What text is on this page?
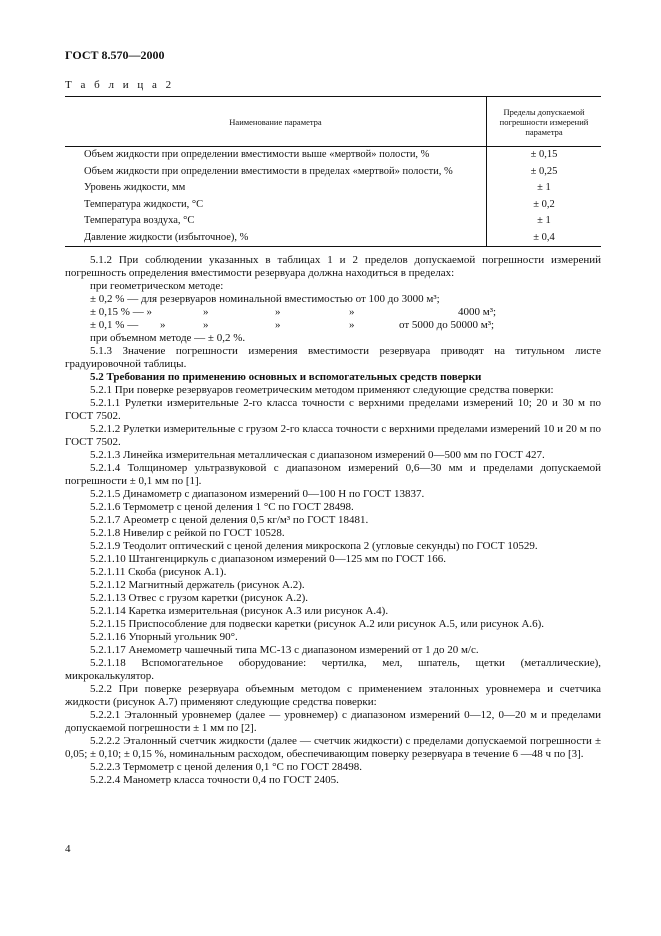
ГОСТ 8.570—2000
Т а б л и ц а 2
Наименование параметра	Пределы допускаемой погрешности измерений параметра
Объем жидкости при определении вместимости выше «мертвой» полости, %	± 0,15
Объем жидкости при определении вместимости в пределах «мертвой» полости, %	± 0,25
Уровень жидкости, мм	± 1
Температура жидкости, °С	± 0,2
Температура воздуха, °С	± 1
Давление жидкости (избыточное), %	± 0,4

5.1.2 При соблюдении указанных в таблицах 1 и 2 пределов допускаемой погрешности измерений погрешность определения вместимости резервуара должна находиться в пределах:

при геометрическом методе:

± 0,2 % — для резервуаров номинальной вместимостью от 100 до 3000 м³;

± 0,15 % — »	»	»	»	4000 м³;
± 0,1 % — »	»	»	»	от 5000 до 50000 м³;

при объемном методе — ± 0,2 %.

5.1.3 Значение погрешности измерения вместимости резервуара приводят на титульном листе градуировочной таблицы.

5.2 Требования по применению основных и вспомогательных средств поверки

5.2.1 При поверке резервуаров геометрическим методом применяют следующие средства поверки:

5.2.1.1 Рулетки измерительные 2-го класса точности с верхними пределами измерений 10; 20 и 30 м по ГОСТ 7502.

5.2.1.2 Рулетки измерительные с грузом 2-го класса точности с верхними пределами измерений 10 и 20 м по ГОСТ 7502.

5.2.1.3 Линейка измерительная металлическая с диапазоном измерений 0—500 мм по ГОСТ 427.

5.2.1.4 Толщиномер ультразвуковой с диапазоном измерений 0,6—30 мм и пределами допускаемой погрешности ± 0,1 мм по [1].

5.2.1.5 Динамометр с диапазоном измерений 0—100 Н по ГОСТ 13837.

5.2.1.6 Термометр с ценой деления 1 °С по ГОСТ 28498.

5.2.1.7 Ареометр с ценой деления 0,5 кг/м³ по ГОСТ 18481.

5.2.1.8 Нивелир с рейкой по ГОСТ 10528.

5.2.1.9 Теодолит оптический с ценой деления микроскопа 2 (угловые секунды) по ГОСТ 10529.

5.2.1.10 Штангенциркуль с диапазоном измерений 0—125 мм по ГОСТ 166.

5.2.1.11 Скоба (рисунок А.1).

5.2.1.12 Магнитный держатель (рисунок А.2).

5.2.1.13 Отвес с грузом каретки (рисунок А.2).

5.2.1.14 Каретка измерительная (рисунок А.3 или рисунок А.4).

5.2.1.15 Приспособление для подвески каретки (рисунок А.2 или рисунок А.5, или рисунок А.6).

5.2.1.16 Упорный угольник 90°.

5.2.1.17 Анемометр чашечный типа МС-13 с диапазоном измерений от 1 до 20 м/с.

5.2.1.18 Вспомогательное оборудование: чертилка, мел, шпатель, щетки (металлические), микрокалькулятор.

5.2.2 При поверке резервуара объемным методом с применением эталонных уровнемера и счетчика жидкости (рисунок А.7) применяют следующие средства поверки:

5.2.2.1 Эталонный уровнемер (далее — уровнемер) с диапазоном измерений 0—12, 0—20 м и пределами допускаемой погрешности ± 1 мм по [2].

5.2.2.2 Эталонный счетчик жидкости (далее — счетчик жидкости) с пределами допускаемой погрешности ± 0,05; ± 0,10; ± 0,15 %, номинальным расходом, обеспечивающим поверку резервуара в течение 6 —48 ч по [3].

5.2.2.3 Термометр с ценой деления 0,1 °С по ГОСТ 28498.

5.2.2.4 Манометр класса точности 0,4 по ГОСТ 2405.

4
